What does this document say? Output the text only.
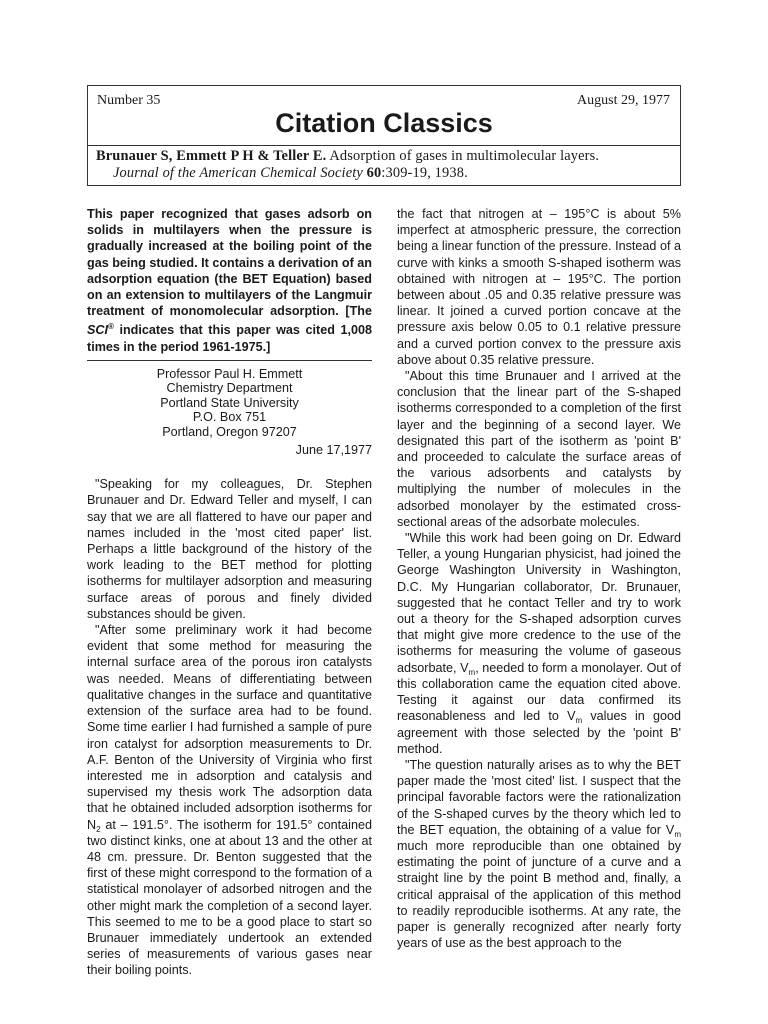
Number 35	August 29, 1977
Citation Classics
Brunauer S, Emmett P H & Teller E. Adsorption of gases in multimolecular layers.
Journal of the American Chemical Society 60:309-19, 1938.
This paper recognized that gases adsorb on solids in multilayers when the pressure is gradually increased at the boiling point of the gas being studied. It contains a derivation of an adsorption equation (the BET Equation) based on an extension to multilayers of the Langmuir treatment of monomolecular adsorption. [The SCI® indicates that this paper was cited 1,008 times in the period 1961-1975.]
Professor Paul H. Emmett
Chemistry Department
Portland State University
P.O. Box 751
Portland, Oregon 97207
June 17,1977

"Speaking for my colleagues, Dr. Stephen Brunauer and Dr. Edward Teller and myself, I can say that we are all flattered to have our paper and names included in the 'most cited paper' list. Perhaps a little background of the history of the work leading to the BET method for plotting isotherms for multilayer adsorption and measuring surface areas of porous and finely divided substances should be given.

"After some preliminary work it had become evident that some method for measuring the internal surface area of the porous iron catalysts was needed. Means of differentiating between qualitative changes in the surface and quantitative extension of the surface area had to be found. Some time earlier I had furnished a sample of pure iron catalyst for adsorption measurements to Dr. A.F. Benton of the University of Virginia who first interested me in adsorption and catalysis and supervised my thesis work The adsorption data that he obtained included adsorption isotherms for $N_2$ at – 191.5°. The isotherm for 191.5° contained two distinct kinks, one at about 13 and the other at 48 cm. pressure. Dr. Benton suggested that the first of these might correspond to the formation of a statistical monolayer of adsorbed nitrogen and the other might mark the completion of a second layer. This seemed to me to be a good place to start so Brunauer immediately undertook an extended series of measurements of various gases near their boiling points.

the fact that nitrogen at – 195°C is about 5% imperfect at atmospheric pressure, the correction being a linear function of the pressure. Instead of a curve with kinks a smooth S-shaped isotherm was obtained with nitrogen at – 195°C. The portion between about .05 and 0.35 relative pressure was linear. It joined a curved portion concave at the pressure axis below 0.05 to 0.1 relative pressure and a curved portion convex to the pressure axis above about 0.35 relative pressure.

"About this time Brunauer and I arrived at the conclusion that the linear part of the S-shaped isotherms corresponded to a completion of the first layer and the beginning of a second layer. We designated this part of the isotherm as 'point B' and proceeded to calculate the surface areas of the various adsorbents and catalysts by multiplying the number of molecules in the adsorbed monolayer by the estimated cross-sectional areas of the adsorbate molecules.

"While this work had been going on Dr. Edward Teller, a young Hungarian physicist, had joined the George Washington University in Washington, D.C. My Hungarian collaborator, Dr. Brunauer, suggested that he contact Teller and try to work out a theory for the S-shaped adsorption curves that might give more credence to the use of the isotherms for measuring the volume of gaseous adsorbate, $V_m$, needed to form a monolayer. Out of this collaboration came the equation cited above. Testing it against our data confirmed its reasonableness and led to $V_m$ values in good agreement with those selected by the 'point B' method.

"The question naturally arises as to why the BET paper made the 'most cited' list. I suspect that the principal favorable factors were the rationalization of the S-shaped curves by the theory which led to the BET equation, the obtaining of a value for $V_m$ much more reproducible than one obtained by estimating the point of juncture of a curve and a straight line by the point B method and, finally, a critical appraisal of the application of this method to readily reproducible isotherms. At any rate, the paper is generally recognized after nearly forty years of use as the best approach to the
